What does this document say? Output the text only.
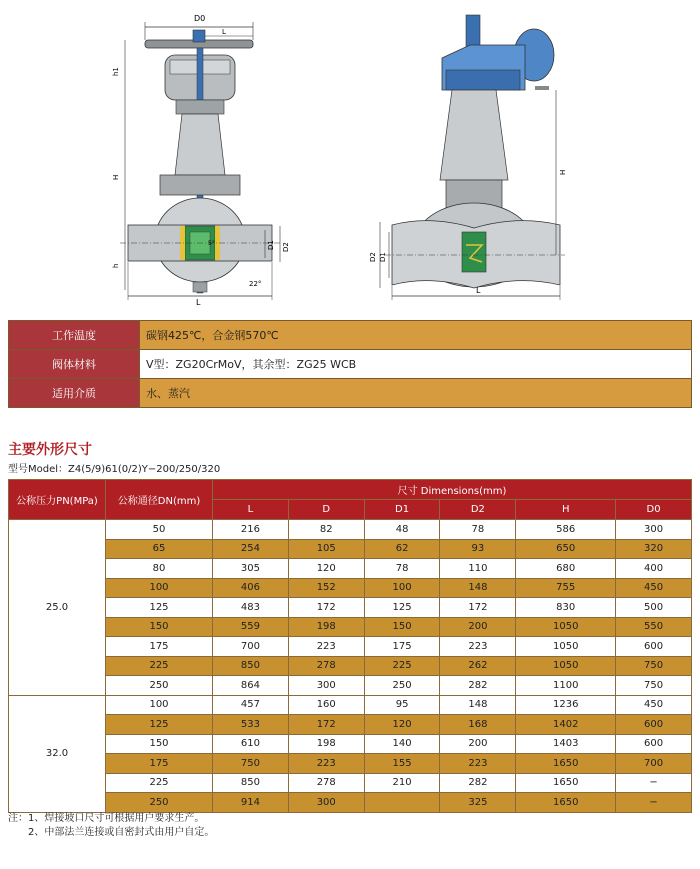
D0
L
h1
H
h
D1 D2
5°
22°
L
H
D2 D1
L
工作温度	碳钢425℃，合金钢570℃
阀体材料	V型：ZG20CrMoV，其余型：ZG25 WCB
适用介质	水、蒸汽
主要外形尺寸
型号Model：Z4(5/9)61(0/2)Y−200/250/320
公称压力PN(MPa)	公称通径DN(mm)	尺寸 Dimensions(mm)					
		L	D	D1	D2	H	D0
25.0	50	216	82	48	78	586	300
	65	254	105	62	93	650	320
	80	305	120	78	110	680	400
	100	406	152	100	148	755	450
	125	483	172	125	172	830	500
	150	559	198	150	200	1050	550
	175	700	223	175	223	1050	600
	225	850	278	225	262	1050	750
	250	864	300	250	282	1100	750
32.0	100	457	160	95	148	1236	450
	125	533	172	120	168	1402	600
	150	610	198	140	200	1403	600
	175	750	223	155	223	1650	700
	225	850	278	210	282	1650	−
	250	914	300		325	1650	−
注：1、焊接坡口尺寸可根据用户要求生产。
2、中部法兰连接或自密封式由用户自定。
